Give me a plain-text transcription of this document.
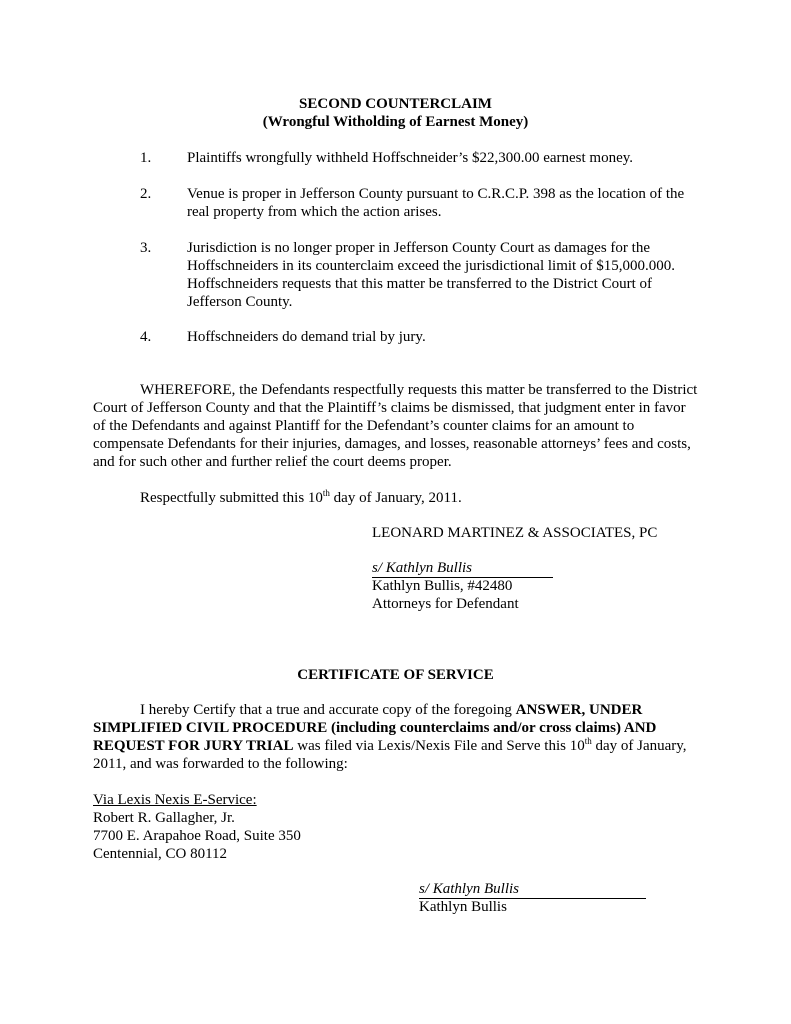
SECOND COUNTERCLAIM
(Wrongful Witholding of Earnest Money)
1. Plaintiffs wrongfully withheld Hoffschneider’s $22,300.00 earnest money.
2. Venue is proper in Jefferson County pursuant to C.R.C.P. 398 as the location of the real property from which the action arises.
3. Jurisdiction is no longer proper in Jefferson County Court as damages for the Hoffschneiders in its counterclaim exceed the jurisdictional limit of $15,000.000. Hoffschneiders requests that this matter be transferred to the District Court of Jefferson County.
4. Hoffschneiders do demand trial by jury.
WHEREFORE, the Defendants respectfully requests this matter be transferred to the District Court of Jefferson County and that the Plaintiff’s claims be dismissed, that judgment enter in favor of the Defendants and against Plantiff for the Defendant’s counter claims for an amount to compensate Defendants for their injuries, damages, and losses, reasonable attorneys’ fees and costs, and for such other and further relief the court deems proper.
Respectfully submitted this 10th day of January, 2011.
LEONARD MARTINEZ & ASSOCIATES, PC
s/ Kathlyn Bullis
Kathlyn Bullis, #42480
Attorneys for Defendant
CERTIFICATE OF SERVICE
I hereby Certify that a true and accurate copy of the foregoing ANSWER, UNDER SIMPLIFIED CIVIL PROCEDURE (including counterclaims and/or cross claims) AND REQUEST FOR JURY TRIAL was filed via Lexis/Nexis File and Serve this 10th day of January, 2011, and was forwarded to the following:
Via Lexis Nexis E-Service:
Robert R. Gallagher, Jr.
7700 E. Arapahoe Road, Suite 350
Centennial, CO 80112
s/ Kathlyn Bullis
Kathlyn Bullis
